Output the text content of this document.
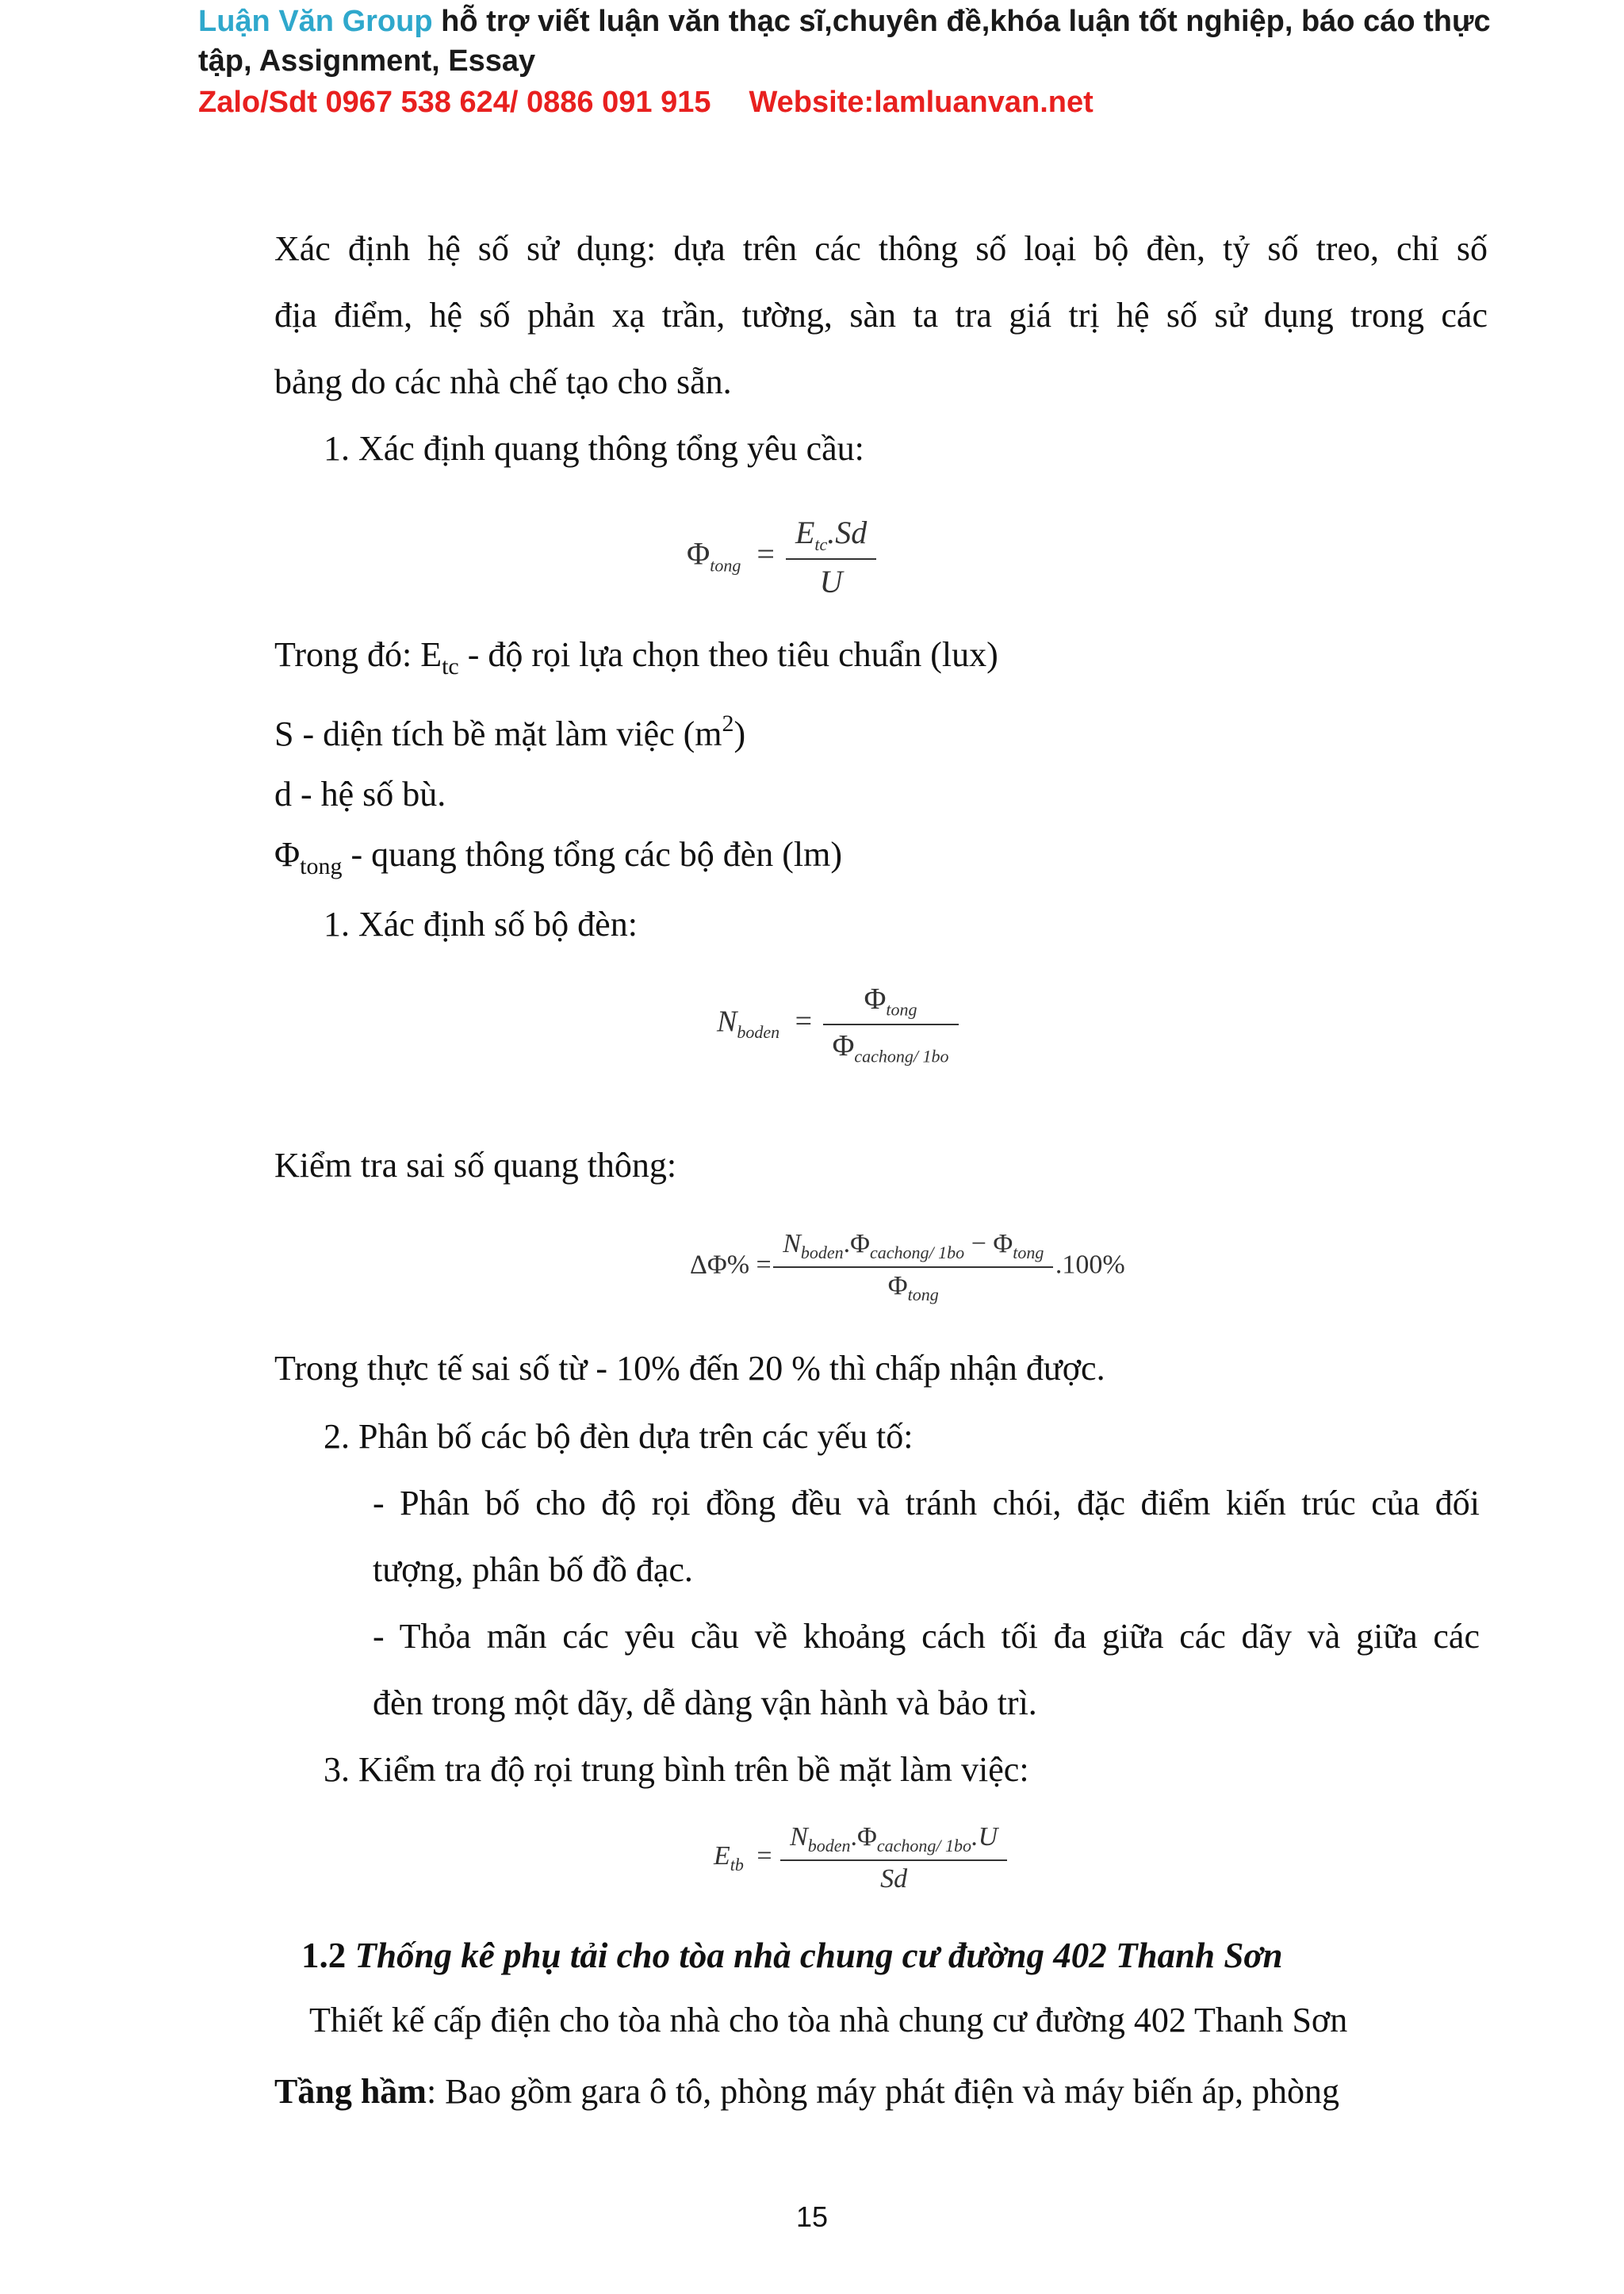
Luận Văn Group hỗ trợ viết luận văn thạc sĩ,chuyên đề,khóa luận tốt nghiệp, báo cáo thực
tập, Assignment, Essay
Zalo/Sdt 0967 538 624/ 0886 091 915 Website:lamluanvan.net
Xác định hệ số sử dụng: dựa trên các thông số loại bộ đèn, tỷ số treo, chỉ số
địa điểm, hệ số phản xạ trần, tường, sàn ta tra giá trị hệ số sử dụng trong các
bảng do các nhà chế tạo cho sẵn.
1. Xác định quang thông tổng yêu cầu:
$\Phi_{tong} = \frac{E_{tc}.Sd}{U}$
Trong đó: $E_{tc}$ - độ rọi lựa chọn theo tiêu chuẩn (lux)
S - diện tích bề mặt làm việc $(m^2)$
d - hệ số bù.
$\Phi_{tong}$ - quang thông tổng các bộ đèn (lm)
1. Xác định số bộ đèn:
$N_{boden} = \frac{\Phi_{tong}}{\Phi_{cachong/ 1bo}}$
Kiểm tra sai số quang thông:
$\Delta\Phi\% = \frac{N_{boden}.\Phi_{cachong/ 1bo} - \Phi_{tong}}{\Phi_{tong}} .100\%$
Trong thực tế sai số từ - 10% đến 20 % thì chấp nhận được.
2. Phân bố các bộ đèn dựa trên các yếu tố:
- Phân bố cho độ rọi đồng đều và tránh chói, đặc điểm kiến trúc của đối
tượng, phân bố đồ đạc.
- Thỏa mãn các yêu cầu về khoảng cách tối đa giữa các dãy và giữa các
đèn trong một dãy, dễ dàng vận hành và bảo trì.
3. Kiểm tra độ rọi trung bình trên bề mặt làm việc:
$E_{tb} = \frac{N_{boden}.\Phi_{cachong/ 1bo}.U}{Sd}$
1.2 Thống kê phụ tải cho tòa nhà chung cư đường 402 Thanh Sơn
Thiết kế cấp điện cho tòa nhà cho tòa nhà chung cư đường 402 Thanh Sơn
Tầng hầm: Bao gồm gara ô tô, phòng máy phát điện và máy biến áp, phòng
15
